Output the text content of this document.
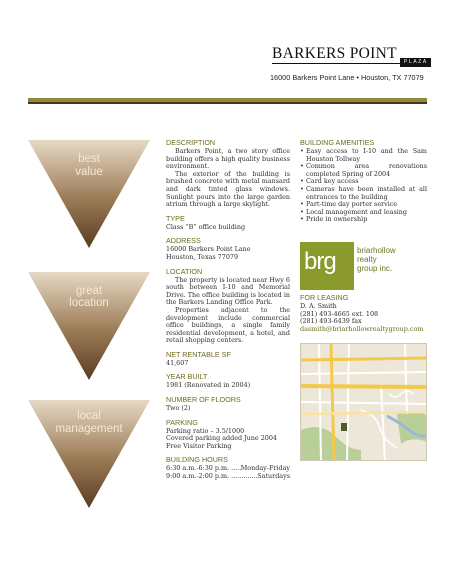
BARKERS POINT	PLAZA
16000 Barkers Point Lane • Houston, TX 77079
best
value
great
location
local
management
DESCRIPTION
Barkers Point, a two story office building offers a high quality business environment.
The exterior of the building is brushed concrete with metal mansard and dark tinted glass windows. Sunlight pours into the large garden atrium through a large skylight.
TYPE
Class “B” office building
ADDRESS
16000 Barkers Point Lane
Houston, Texas 77079
LOCATION
The property is located near Hwy 6 south between I-10 and Memorial Drive. The office building is located in the Barkers Landing Office Park.
Properties adjacent to the development include commercial office buildings, a single family residential development, a hotel, and retail shopping centers.
NET RENTABLE SF
41,607
YEAR BUILT
1981 (Renovated in 2004)
NUMBER OF FLOORS
Two (2)
PARKING
Parking ratio – 3.5/1000
Covered parking added June 2004
Free Visitor Parking
BUILDING HOURS
6:30 a.m.-6:30 p.m. .....	Monday-Friday
9:00 a.m.-2:00 p.m. .....	Saturdays
BUILDING AMENITIES
• Easy access to I-10 and the Sam Houston Tollway
• Common area renovations completed Spring of 2004
• Card key access
• Cameras have been installed at all entrances to the building
• Part-time day porter service
• Local management and leasing
• Pride in ownership
brg	briarhollow
realty
group inc.
FOR LEASING
D. A. Smith
(281) 493-4665 ext. 108
(281) 493-6439 fax
dasmith@briarhollowrealtygroup.com
